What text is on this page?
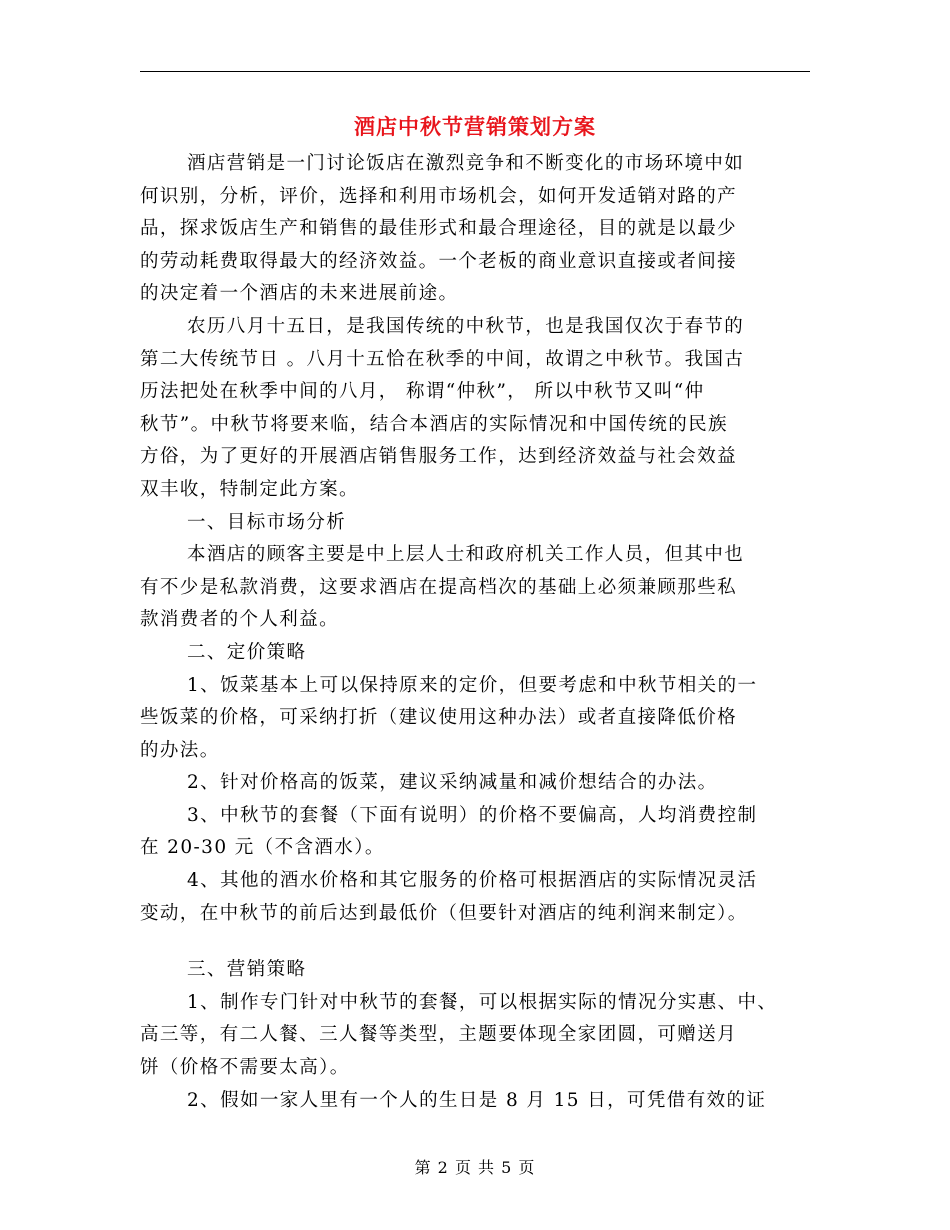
酒店中秋节营销策划方案
酒店营销是一门讨论饭店在激烈竞争和不断变化的市场环境中如
何识别，分析，评价，选择和利用市场机会，如何开发适销对路的产
品，探求饭店生产和销售的最佳形式和最合理途径，目的就是以最少
的劳动耗费取得最大的经济效益。一个老板的商业意识直接或者间接
的决定着一个酒店的未来进展前途。
农历八月十五日，是我国传统的中秋节，也是我国仅次于春节的
第二大传统节日 。八月十五恰在秋季的中间，故谓之中秋节。我国古
历法把处在秋季中间的八月， 称谓“仲秋”， 所以中秋节又叫“仲
秋节”。中秋节将要来临，结合本酒店的实际情况和中国传统的民族
方俗，为了更好的开展酒店销售服务工作，达到经济效益与社会效益
双丰收，特制定此方案。
一、目标市场分析
本酒店的顾客主要是中上层人士和政府机关工作人员，但其中也
有不少是私款消费，这要求酒店在提高档次的基础上必须兼顾那些私
款消费者的个人利益。
二、定价策略
1、饭菜基本上可以保持原来的定价，但要考虑和中秋节相关的一
些饭菜的价格，可采纳打折（建议使用这种办法）或者直接降低价格
的办法。
2、针对价格高的饭菜，建议采纳减量和减价想结合的办法。
3、中秋节的套餐（下面有说明）的价格不要偏高，人均消费控制
在 20-30 元（不含酒水）。
4、其他的酒水价格和其它服务的价格可根据酒店的实际情况灵活
变动，在中秋节的前后达到最低价（但要针对酒店的纯利润来制定）。
三、营销策略
1、制作专门针对中秋节的套餐，可以根据实际的情况分实惠、中、
高三等，有二人餐、三人餐等类型，主题要体现全家团圆，可赠送月
饼（价格不需要太高）。
2、假如一家人里有一个人的生日是 8 月 15 日，可凭借有效的证
第 2 页 共 5 页
